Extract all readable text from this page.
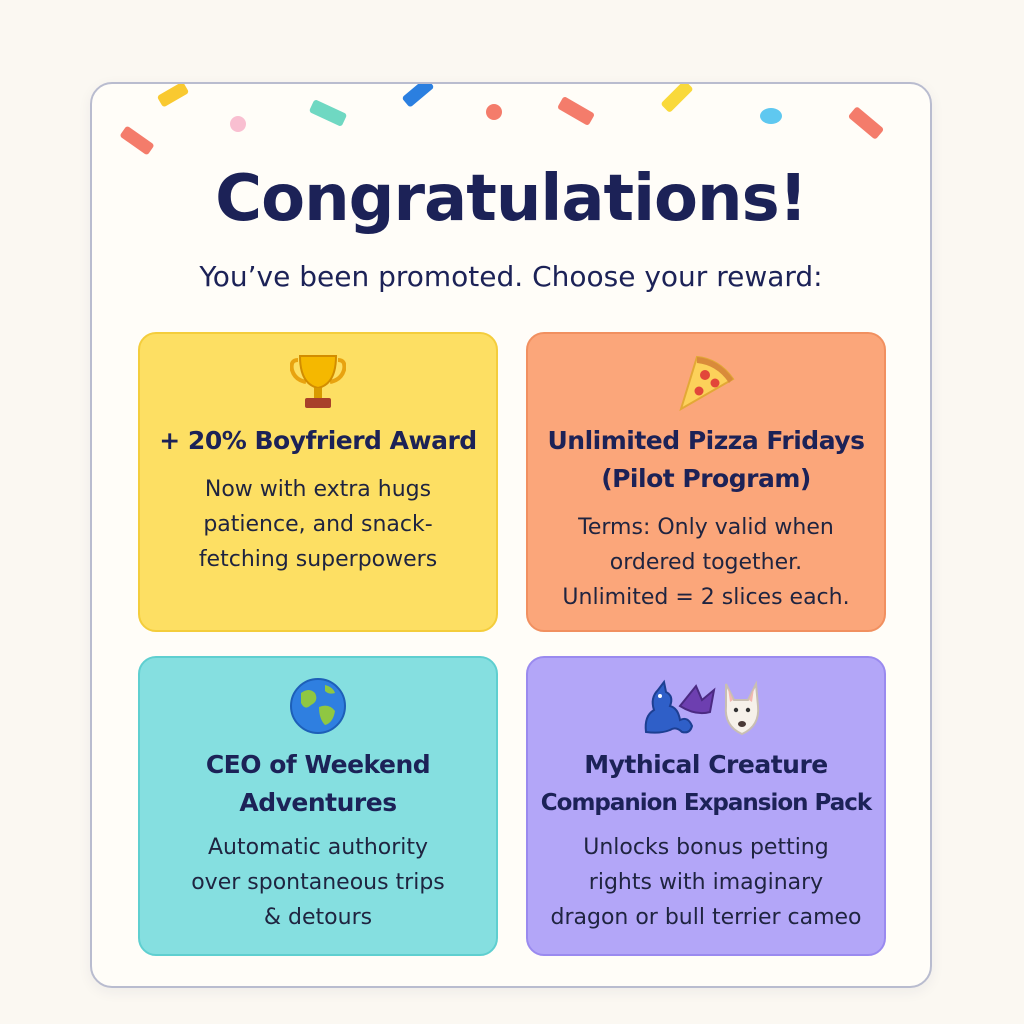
Congratulations!

You’ve been promoted. Choose your reward:

+ 20% Boyfrierd Award
Now with extra hugs
patience, and snack-
fetching superpowers
Unlimited Pizza Fridays
(Pilot Program)
Terms: Only valid when
ordered together.
Unlimited = 2 slices each.
CEO of Weekend
Adventures
Automatic authority
over spontaneous trips
& detours
Mythical Creature
Companion Expansion Pack
Unlocks bonus petting
rights with imaginary
dragon or bull terrier cameo
